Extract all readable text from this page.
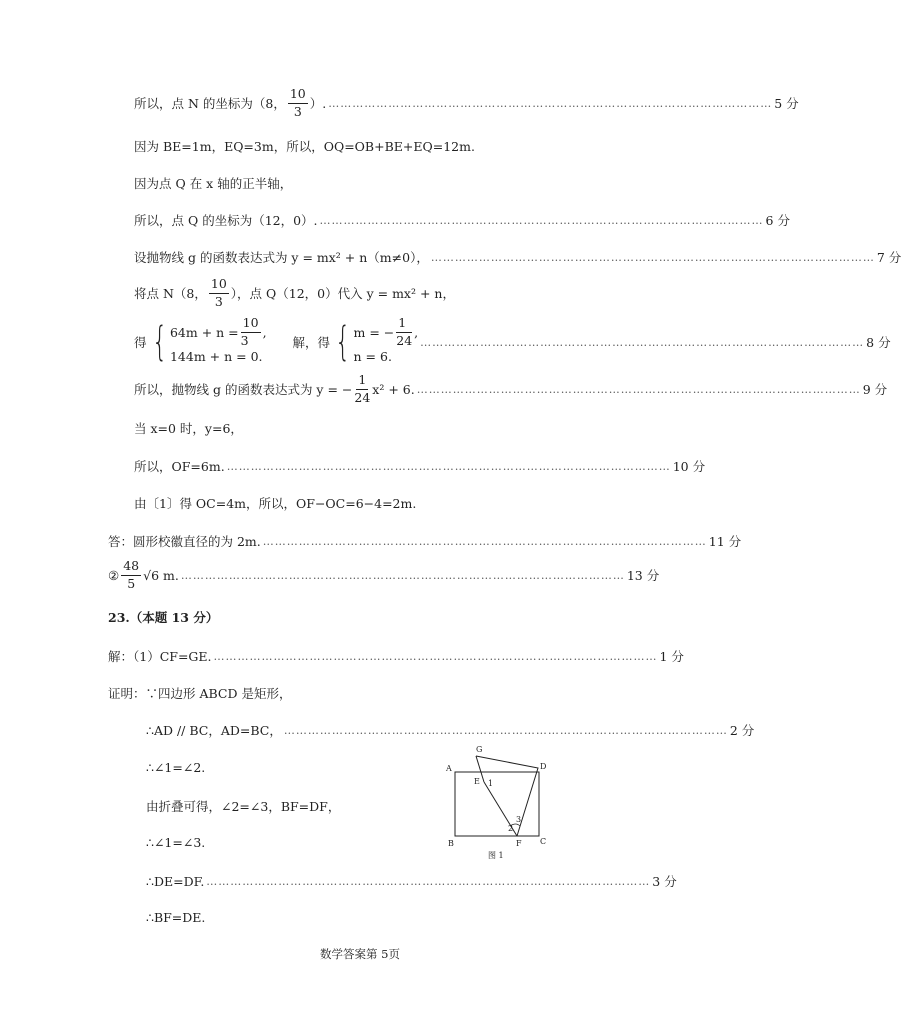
所以，点 N 的坐标为（8， $\frac{10}{3}$ ）. ………………………………………………………………………………………………… 5 分
因为 BE=1m，EQ=3m，所以，OQ=OB+BE+EQ=12m.
因为点 Q 在 x 轴的正半轴，
所以，点 Q 的坐标为（12，0）. ………………………………………………………………………………………………… 6 分
设抛物线 g 的函数表达式为 y = mx² + n（m≠0）， ………………………………………………………………………………………………… 7 分
将点 N（8， $\frac{10}{3}$ ），点 Q（12，0）代入 y = mx² + n，
得 { $64m + n = \frac{10}{3}$ ,
144m + n = 0.
解，得 { m = − $\frac{1}{24}$ ,
n = 6.
………………………………………………………………………………………………… 8 分
所以，抛物线 g 的函数表达式为 y = − $\frac{1}{24} x^2 + 6$. ………………………………………………………………………………………………… 9 分
当 x=0 时，y=6，
所以，OF=6m. ………………………………………………………………………………………………… 10 分
由〔1〕得 OC=4m，所以，OF−OC=6−4=2m.
答：圆形校徽直径的为 2m. ………………………………………………………………………………………………… 11 分
② $\frac{48}{5} √6$ m. ………………………………………………………………………………………………… 13 分
23.（本题 13 分）
解：（1）CF=GE. ………………………………………………………………………………………………… 1 分
证明：∵四边形 ABCD 是矩形，
∴AD // BC，AD=BC， ………………………………………………………………………………………………… 2 分
∴∠1=∠2.
由折叠可得，∠2=∠3，BF=DF，
∴∠1=∠3.
∴DE=DF. ………………………………………………………………………………………………… 3 分
∴BF=DE.
G
A	D
E 1
3
2
B	F C
图 1
数学答案第 5页
